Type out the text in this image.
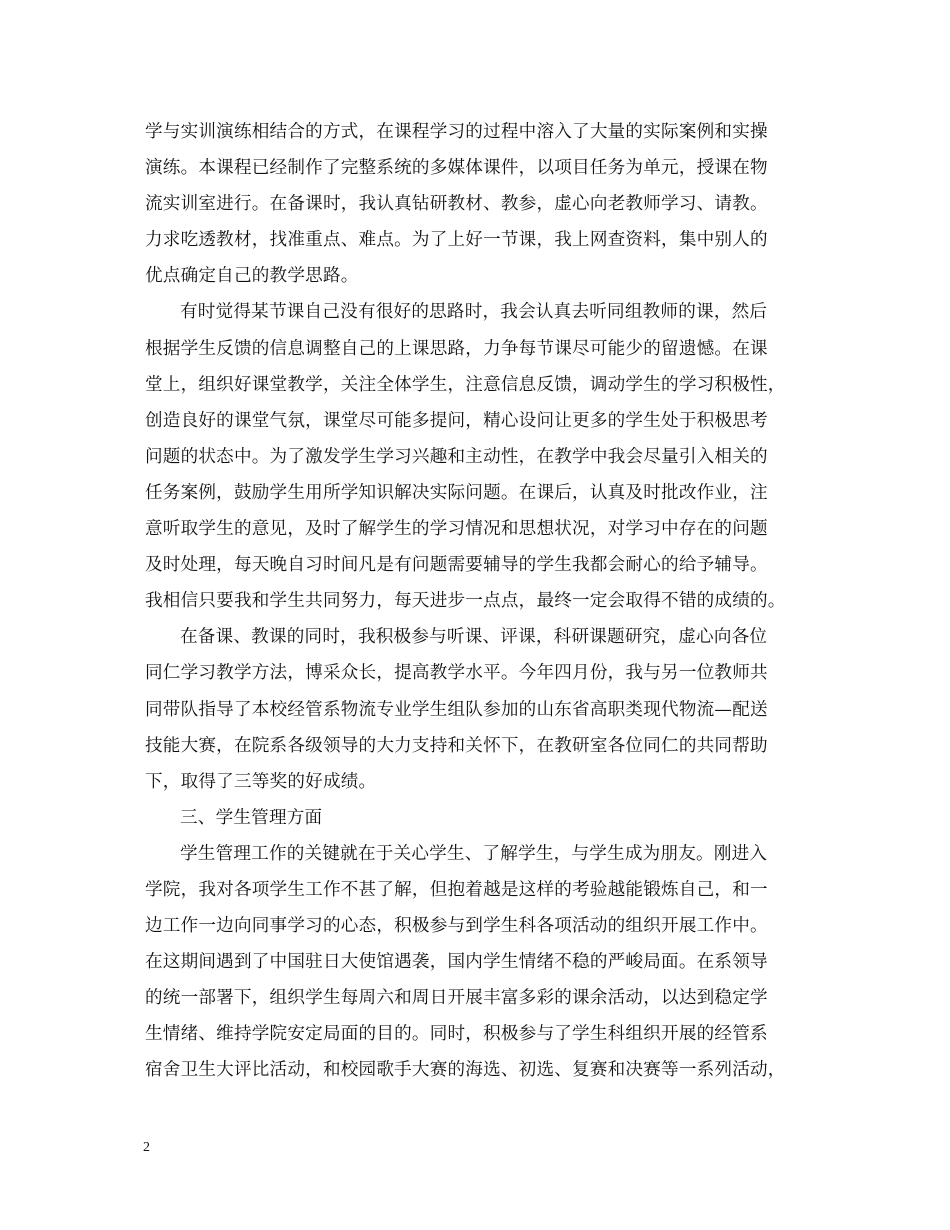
学与实训演练相结合的方式，在课程学习的过程中溶入了大量的实际案例和实操
演练。本课程已经制作了完整系统的多媒体课件，以项目任务为单元，授课在物
流实训室进行。在备课时，我认真钻研教材、教参，虚心向老教师学习、请教。
力求吃透教材，找准重点、难点。为了上好一节课，我上网查资料，集中别人的
优点确定自己的教学思路。
有时觉得某节课自己没有很好的思路时，我会认真去听同组教师的课，然后
根据学生反馈的信息调整自己的上课思路，力争每节课尽可能少的留遗憾。在课
堂上，组织好课堂教学，关注全体学生，注意信息反馈，调动学生的学习积极性，
创造良好的课堂气氛，课堂尽可能多提问，精心设问让更多的学生处于积极思考
问题的状态中。为了激发学生学习兴趣和主动性，在教学中我会尽量引入相关的
任务案例，鼓励学生用所学知识解决实际问题。在课后，认真及时批改作业，注
意听取学生的意见，及时了解学生的学习情况和思想状况，对学习中存在的问题
及时处理，每天晚自习时间凡是有问题需要辅导的学生我都会耐心的给予辅导。
我相信只要我和学生共同努力，每天进步一点点，最终一定会取得不错的成绩的。
在备课、教课的同时，我积极参与听课、评课，科研课题研究，虚心向各位
同仁学习教学方法，博采众长，提高教学水平。今年四月份，我与另一位教师共
同带队指导了本校经管系物流专业学生组队参加的山东省高职类现代物流—配送
技能大赛，在院系各级领导的大力支持和关怀下，在教研室各位同仁的共同帮助
下，取得了三等奖的好成绩。
三、学生管理方面
学生管理工作的关键就在于关心学生、了解学生，与学生成为朋友。刚进入
学院，我对各项学生工作不甚了解，但抱着越是这样的考验越能锻炼自己，和一
边工作一边向同事学习的心态，积极参与到学生科各项活动的组织开展工作中。
在这期间遇到了中国驻日大使馆遇袭，国内学生情绪不稳的严峻局面。在系领导
的统一部署下，组织学生每周六和周日开展丰富多彩的课余活动，以达到稳定学
生情绪、维持学院安定局面的目的。同时，积极参与了学生科组织开展的经管系
宿舍卫生大评比活动，和校园歌手大赛的海选、初选、复赛和决赛等一系列活动，
2
